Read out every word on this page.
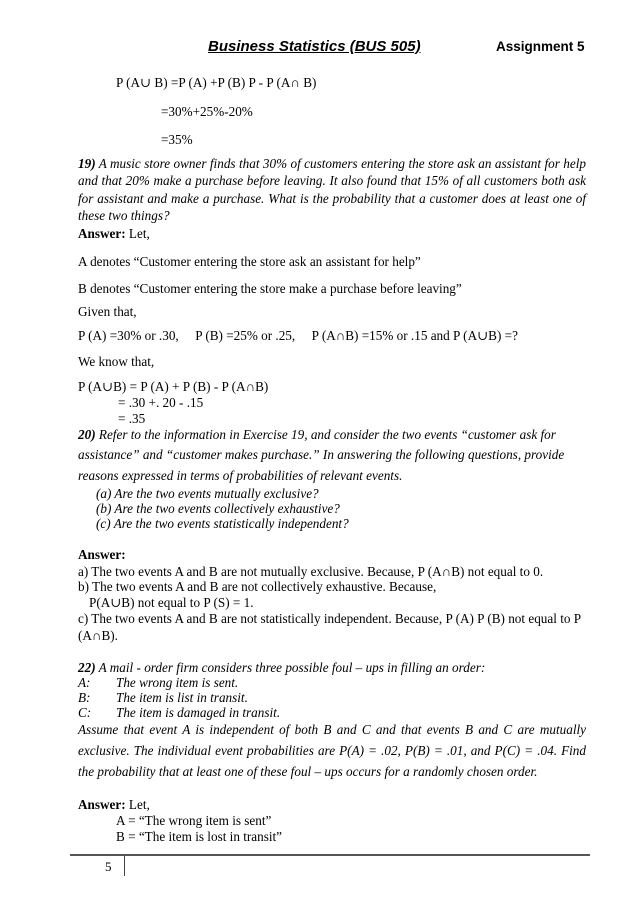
Business Statistics (BUS 505)	Assignment 5
P (A∪ B) =P (A) +P (B) P - P (A∩ B)
=30%+25%-20%
=35%
19) A music store owner finds that 30% of customers entering the store ask an assistant for help and that 20% make a purchase before leaving. It also found that 15% of all customers both ask for assistant and make a purchase. What is the probability that a customer does at least one of these two things?
Answer: Let,
A denotes “Customer entering the store ask an assistant for help”
B denotes “Customer entering the store make a purchase before leaving”
Given that,
P (A) =30% or .30,     P (B) =25% or .25,     P (A∩B) =15% or .15 and P (A∪B) =?
We know that,
P (A∪B) = P (A) + P (B) - P (A∩B)
= .30 +. 20 - .15
= .35
20) Refer to the information in Exercise 19, and consider the two events “customer ask for assistance” and “customer makes purchase.” In answering the following questions, provide reasons expressed in terms of probabilities of relevant events.
(a) Are the two events mutually exclusive?
(b) Are the two events collectively exhaustive?
(c) Are the two events statistically independent?
Answer:
a) The two events A and B are not mutually exclusive. Because, P (A∩B) not equal to 0.
b) The two events A and B are not collectively exhaustive. Because,
P(A∪B) not equal to P (S) = 1.
c) The two events A and B are not statistically independent. Because, P (A) P (B) not equal to P (A∩B).
22) A mail - order firm considers three possible foul – ups in filling an order:
A: The wrong item is sent.
B: The item is list in transit.
C: The item is damaged in transit.
Assume that event A is independent of both B and C and that events B and C are mutually exclusive. The individual event probabilities are P(A) = .02, P(B) = .01, and P(C) = .04. Find the probability that at least one of these foul – ups occurs for a randomly chosen order.
Answer: Let,
A = “The wrong item is sent”
B = “The item is lost in transit”
5
